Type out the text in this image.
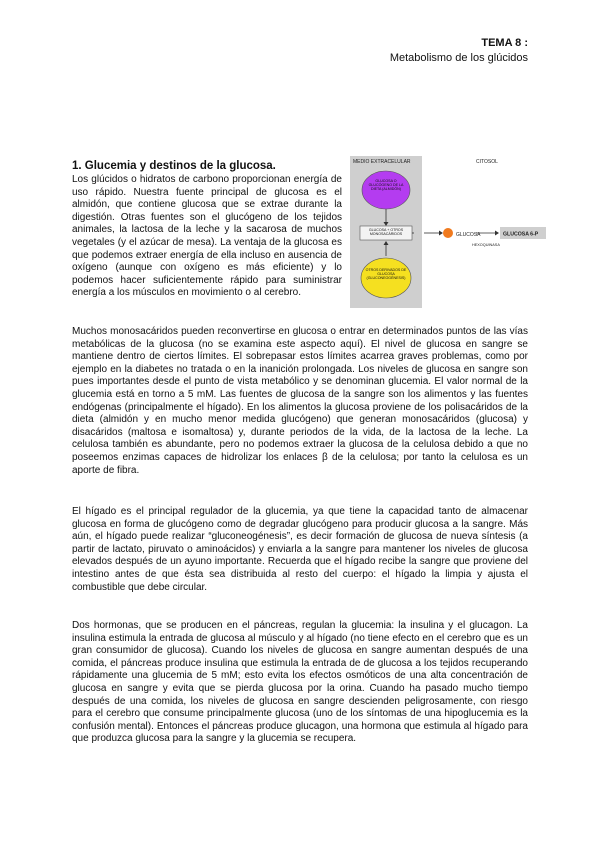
TEMA 8 :
Metabolismo de los glúcidos
1. Glucemia y destinos de la glucosa.

Los glúcidos o hidratos de carbono proporcionan energía de uso rápido. Nuestra fuente principal de glucosa es el almidón, que contiene glucosa que se extrae durante la digestión. Otras fuentes son el glucógeno de los tejidos animales, la lactosa de la leche y la sacarosa de muchos vegetales (y el azúcar de mesa). La ventaja de la glucosa es que podemos extraer energía de ella incluso en ausencia de oxígeno (aunque con oxígeno es más eficiente) y lo podemos hacer suficientemente rápido para suministrar energía a los músculos en movimiento o al cerebro.

MEDIO EXTRACELULAR	CITOSOL
GLUCOSA O GLUCÓGENO DE LA DIETA (ALMIDÓN)
GLUCOSA + OTROS MONOSACÁRIDOS
OTROS DERIVADOS DE GLUCOSA (GLUCONEOGÉNESIS)
GLUCOSA	GLUCOSA 6-P
HEXOQUINASA

Muchos monosacáridos pueden reconvertirse en glucosa o entrar en determinados puntos de las vías metabólicas de la glucosa (no se examina este aspecto aquí). El nivel de glucosa en sangre se mantiene dentro de ciertos límites. El sobrepasar estos límites acarrea graves problemas, como por ejemplo en la diabetes no tratada o en la inanición prolongada. Los niveles de glucosa en sangre son pues importantes desde el punto de vista metabólico y se denominan glucemia. El valor normal de la glucemia está en torno a 5 mM. Las fuentes de glucosa de la sangre son los alimentos y las fuentes endógenas (principalmente el hígado). En los alimentos la glucosa proviene de los polisacáridos de la dieta (almidón y en mucho menor medida glucógeno) que generan monosacáridos (glucosa) y disacáridos (maltosa e isomaltosa) y, durante periodos de la vida, de la lactosa de la leche. La celulosa también es abundante, pero no podemos extraer la glucosa de la celulosa debido a que no poseemos enzimas capaces de hidrolizar los enlaces β de la celulosa; por tanto la celulosa es un aporte de fibra.

El hígado es el principal regulador de la glucemia, ya que tiene la capacidad tanto de almacenar glucosa en forma de glucógeno como de degradar glucógeno para producir glucosa a la sangre. Más aún, el hígado puede realizar “gluconeogénesis”, es decir formación de glucosa de nueva síntesis (a partir de lactato, piruvato o aminoácidos) y enviarla a la sangre para mantener los niveles de glucosa elevados después de un ayuno importante. Recuerda que el hígado recibe la sangre que proviene del intestino antes de que ésta sea distribuida al resto del cuerpo: el hígado la limpia y ajusta el combustible que debe circular.

Dos hormonas, que se producen en el páncreas, regulan la glucemia: la insulina y el glucagon. La insulina estimula la entrada de glucosa al músculo y al hígado (no tiene efecto en el cerebro que es un gran consumidor de glucosa). Cuando los niveles de glucosa en sangre aumentan después de una comida, el páncreas produce insulina que estimula la entrada de de glucosa a los tejidos recuperando rápidamente una glucemia de 5 mM; esto evita los efectos osmóticos de una alta concentración de glucosa en sangre y evita que se pierda glucosa por la orina. Cuando ha pasado mucho tiempo después de una comida, los niveles de glucosa en sangre descienden peligrosamente, con riesgo para el cerebro que consume principalmente glucosa (uno de los síntomas de una hipoglucemia es la confusión mental). Entonces el páncreas produce glucagon, una hormona que estimula al hígado para que produzca glucosa para la sangre y la glucemia se recupera.
